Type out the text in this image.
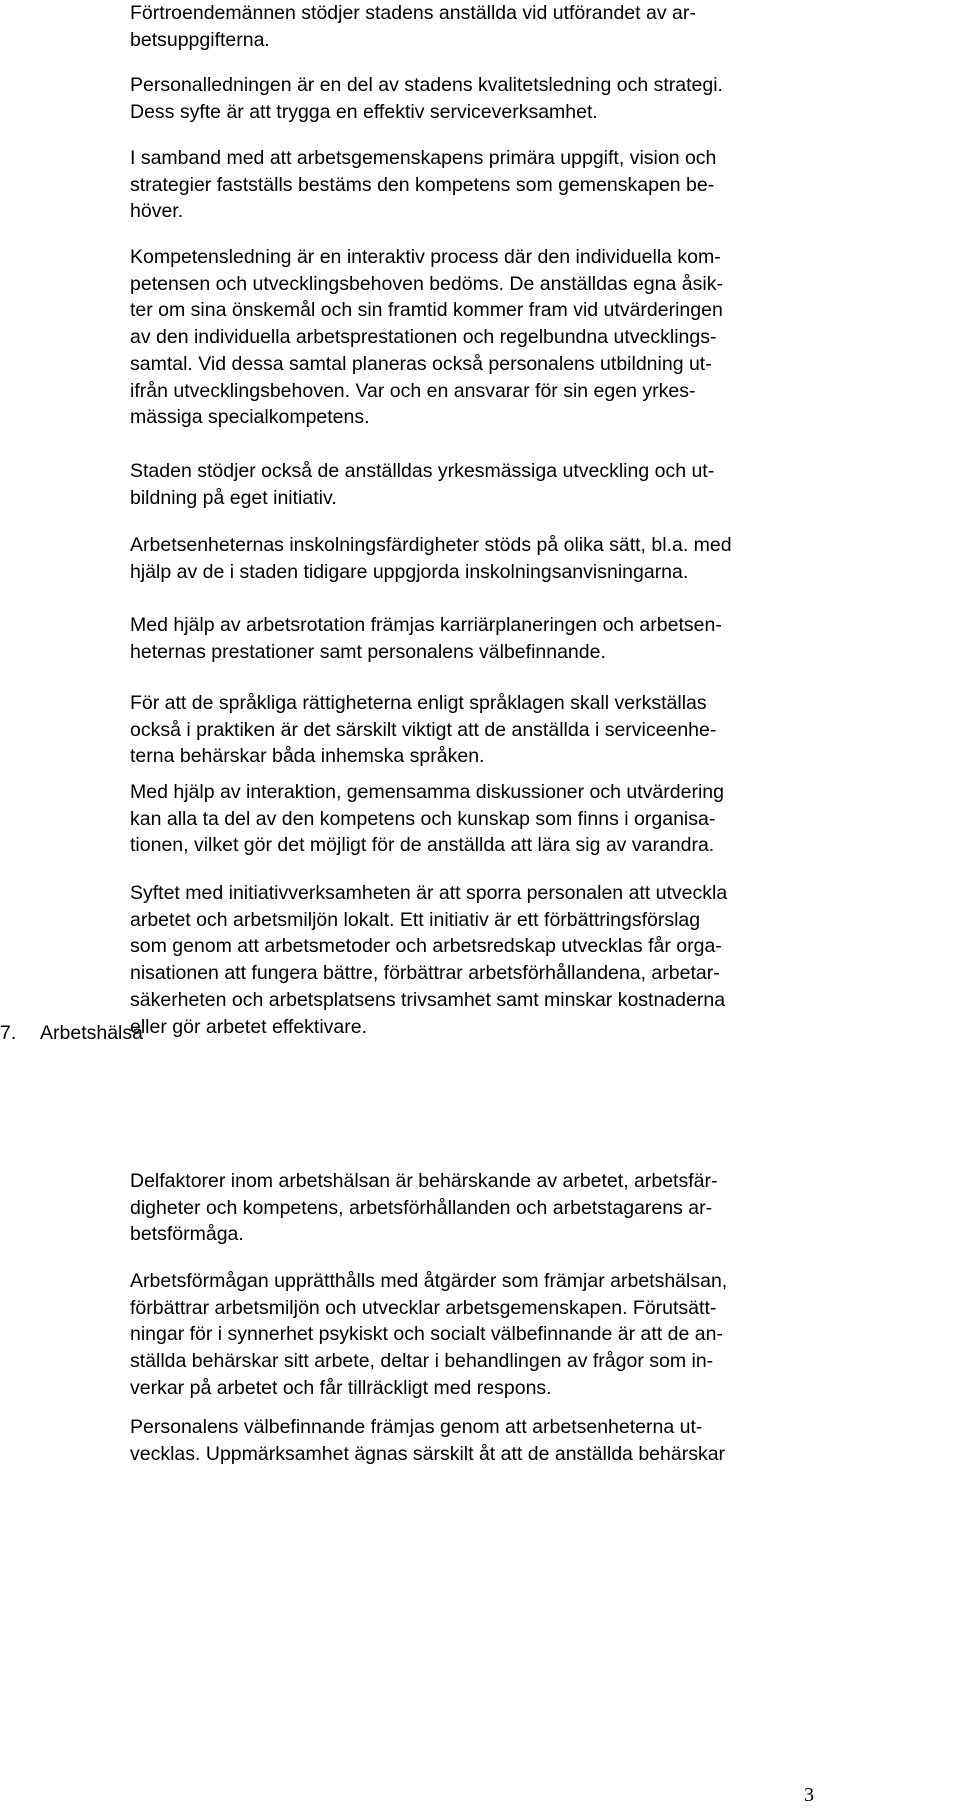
Förtroendemännen stödjer stadens anställda vid utförandet av ar-
betsuppgifterna.
Personalledningen är en del av stadens kvalitetsledning och strategi.
Dess syfte är att trygga en effektiv serviceverksamhet.
I samband med att arbetsgemenskapens primära uppgift, vision och
strategier fastställs bestäms den kompetens som gemenskapen be-
höver.
Kompetensledning är en interaktiv process där den individuella kom-
petensen och utvecklingsbehoven bedöms. De anställdas egna åsik-
ter om sina önskemål och sin framtid kommer fram vid utvärderingen
av den individuella arbetsprestationen och regelbundna utvecklings-
samtal. Vid dessa samtal planeras också personalens utbildning ut-
ifrån utvecklingsbehoven. Var och en ansvarar för sin egen yrkes-
mässiga specialkompetens.
Staden stödjer också de anställdas yrkesmässiga utveckling och ut-
bildning på eget initiativ.
Arbetsenheternas inskolningsfärdigheter stöds på olika sätt, bl.a. med
hjälp av de i staden tidigare uppgjorda inskolningsanvisningarna.
Med hjälp av arbetsrotation främjas karriärplaneringen och arbetsen-
heternas prestationer samt personalens välbefinnande.
För att de språkliga rättigheterna enligt språklagen skall verkställas
också i praktiken är det särskilt viktigt att de anställda i serviceenhe-
terna behärskar båda inhemska språken.
Med hjälp av interaktion, gemensamma diskussioner och utvärdering
kan alla ta del av den kompetens och kunskap som finns i organisa-
tionen, vilket gör det möjligt för de anställda att lära sig av varandra.
Syftet med initiativverksamheten är att sporra personalen att utveckla
arbetet och arbetsmiljön lokalt. Ett initiativ är ett förbättringsförslag
som genom att arbetsmetoder och arbetsredskap utvecklas får orga-
nisationen att fungera bättre, förbättrar arbetsförhållandena, arbetar-
säkerheten och arbetsplatsens trivsamhet samt minskar kostnaderna
eller gör arbetet effektivare.

7. Arbetshälsa

Delfaktorer inom arbetshälsan är behärskande av arbetet, arbetsfär-
digheter och kompetens, arbetsförhållanden och arbetstagarens ar-
betsförmåga.
Arbetsförmågan upprätthålls med åtgärder som främjar arbetshälsan,
förbättrar arbetsmiljön och utvecklar arbetsgemenskapen. Förutsätt-
ningar för i synnerhet psykiskt och socialt välbefinnande är att de an-
ställda behärskar sitt arbete, deltar i behandlingen av frågor som in-
verkar på arbetet och får tillräckligt med respons.
Personalens välbefinnande främjas genom att arbetsenheterna ut-
vecklas. Uppmärksamhet ägnas särskilt åt att de anställda behärskar

3
